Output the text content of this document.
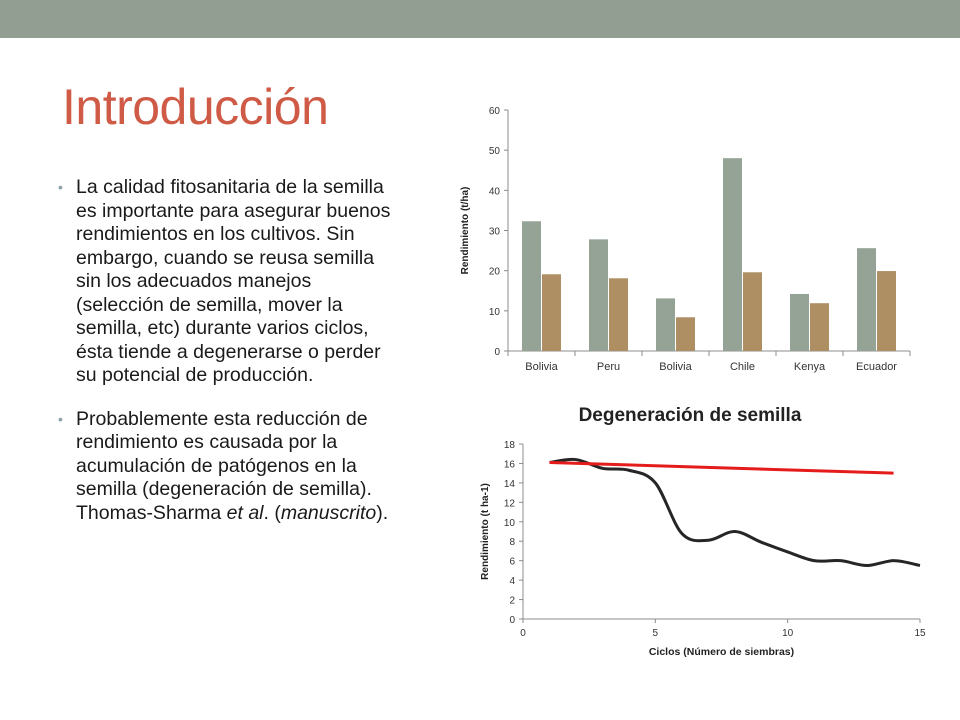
Introducción
• La calidad fitosanitaria de la semilla es importante para asegurar buenos rendimientos en los cultivos. Sin embargo, cuando se reusa semilla sin los adecuados manejos (selección de semilla, mover la semilla, etc) durante varios ciclos, ésta tiende a degenerarse o perder su potencial de producción.
• Probablemente esta reducción de rendimiento es causada por la acumulación de patógenos en la semilla (degeneración de semilla). Thomas-Sharma et al. (manuscrito).
0
10
20
30
40
50
60
Bolivia	Peru	Bolivia	Chile	Kenya	Ecuador
Rendimiento (t/ha)
Degeneración de semilla
0
2
4
6
8
10
12
14
16
18
0	5	10	15
Ciclos (Número de siembras)
Rendimiento (t ha-1)
